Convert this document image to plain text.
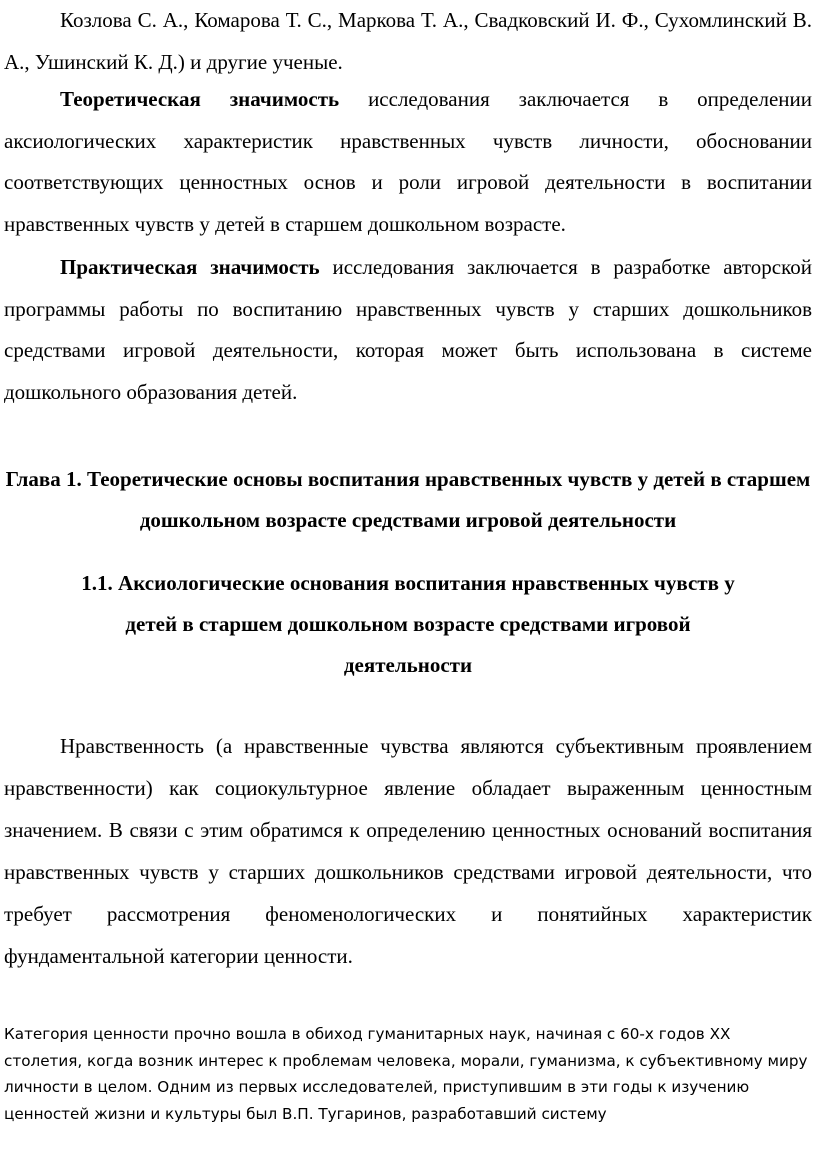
Козлова С. А., Комарова Т. С., Маркова Т. А., Свадковский И. Ф., Сухомлинский В. А., Ушинский К. Д.) и другие ученые.

Теоретическая значимость исследования заключается в определении аксиологических характеристик нравственных чувств личности, обосновании соответствующих ценностных основ и роли игровой деятельности в воспитании нравственных чувств у детей в старшем дошкольном возрасте.

Практическая значимость исследования заключается в разработке авторской программы работы по воспитанию нравственных чувств у старших дошкольников средствами игровой деятельности, которая может быть использована в системе дошкольного образования детей.

Глава 1. Теоретические основы воспитания нравственных чувств у детей в старшем дошкольном возрасте средствами игровой деятельности
1.1. Аксиологические основания воспитания нравственных чувств у детей в старшем дошкольном возрасте средствами игровой деятельности

Нравственность (а нравственные чувства являются субъективным проявлением нравственности) как социокультурное явление обладает выраженным ценностным значением. В связи с этим обратимся к определению ценностных оснований воспитания нравственных чувств у старших дошкольников средствами игровой деятельности, что требует рассмотрения феноменологических и понятийных характеристик фундаментальной категории ценности.

Категория ценности прочно вошла в обиход гуманитарных наук, начиная с 60-х годов XX столетия, когда возник интерес к проблемам человека, морали, гуманизма, к субъективному миру личности в целом. Одним из первых исследователей, приступившим в эти годы к изучению ценностей жизни и культуры был В.П. Тугаринов, разработавший систему
